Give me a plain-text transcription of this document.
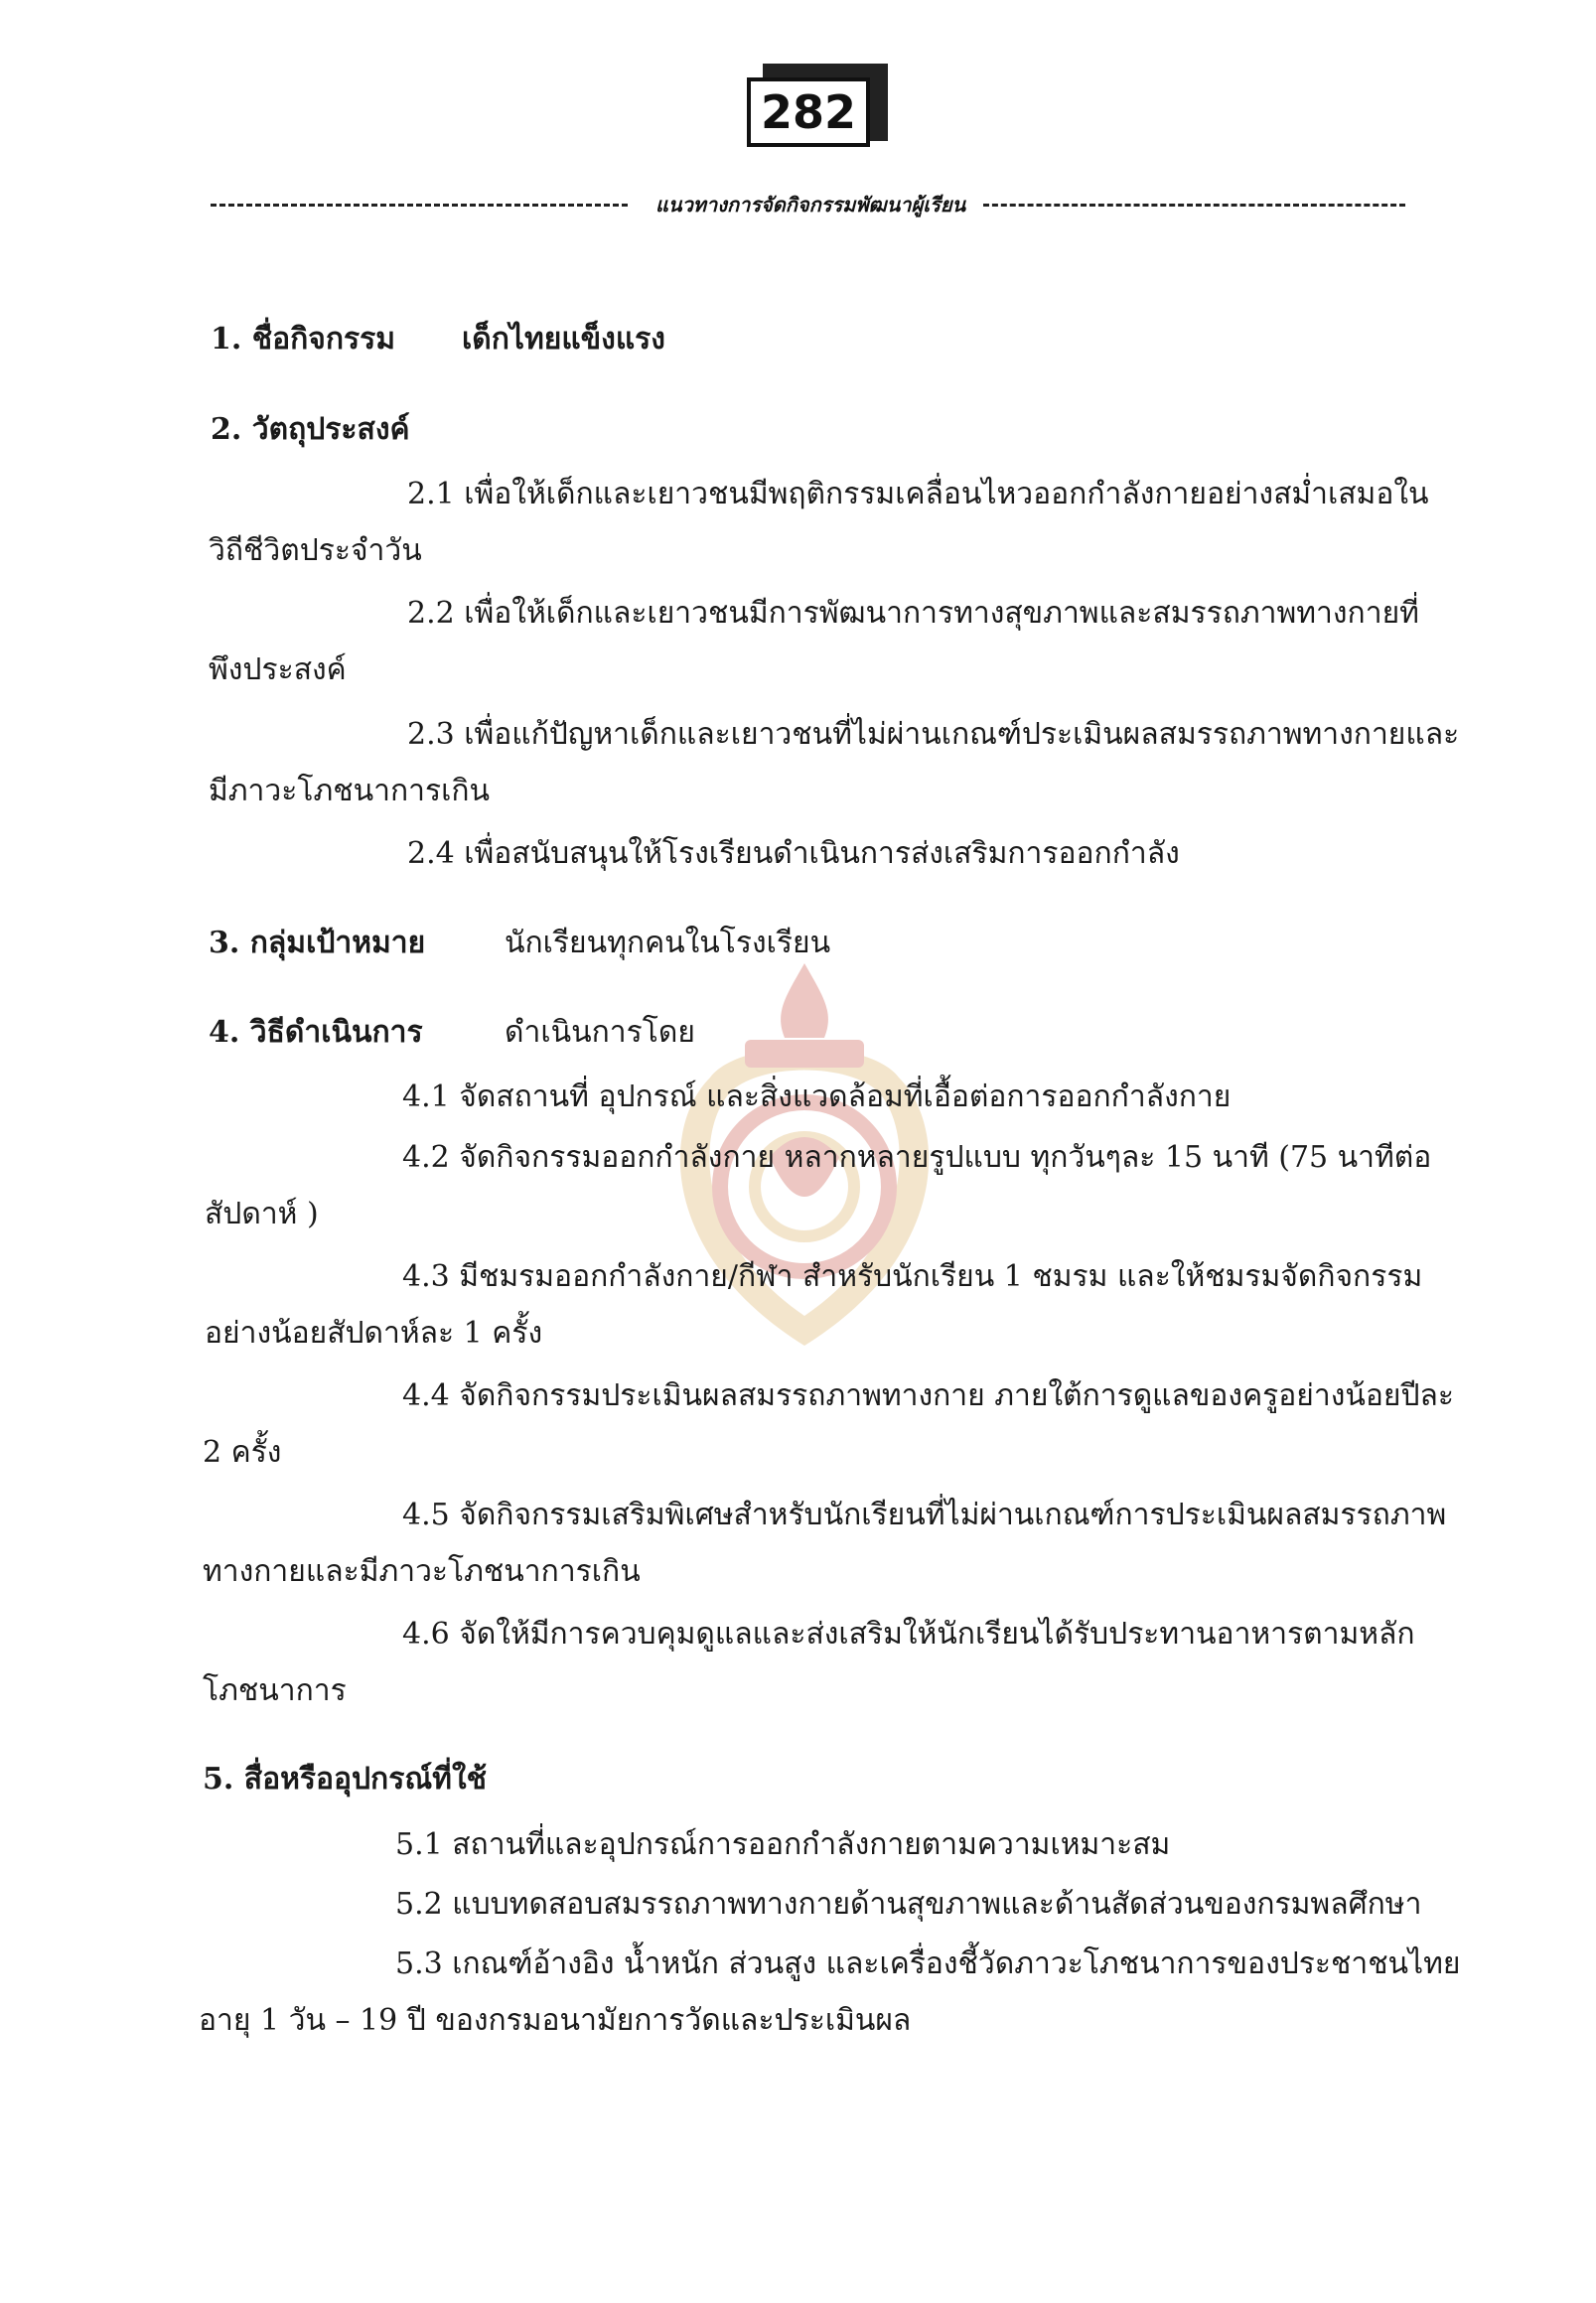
282
แนวทางการจัดกิจกรรมพัฒนาผู้เรียน
1. ชื่อกิจกรรม เด็กไทยแข็งแรง
2. วัตถุประสงค์
2.1 เพื่อให้เด็กและเยาวชนมีพฤติกรรมเคลื่อนไหวออกกำลังกายอย่างสม่ำเสมอใน
วิถีชีวิตประจำวัน
2.2 เพื่อให้เด็กและเยาวชนมีการพัฒนาการทางสุขภาพและสมรรถภาพทางกายที่
พึงประสงค์
2.3 เพื่อแก้ปัญหาเด็กและเยาวชนที่ไม่ผ่านเกณฑ์ประเมินผลสมรรถภาพทางกายและ
มีภาวะโภชนาการเกิน
2.4 เพื่อสนับสนุนให้โรงเรียนดำเนินการส่งเสริมการออกกำลัง
3. กลุ่มเป้าหมาย	นักเรียนทุกคนในโรงเรียน
4. วิธีดำเนินการ	ดำเนินการโดย
4.1 จัดสถานที่ อุปกรณ์ และสิ่งแวดล้อมที่เอื้อต่อการออกกำลังกาย
4.2 จัดกิจกรรมออกกำลังกาย หลากหลายรูปแบบ ทุกวันๆละ 15 นาที (75 นาทีต่อ
สัปดาห์ )
4.3 มีชมรมออกกำลังกาย/กีฬา สำหรับนักเรียน 1 ชมรม และให้ชมรมจัดกิจกรรม
อย่างน้อยสัปดาห์ละ 1 ครั้ง
4.4 จัดกิจกรรมประเมินผลสมรรถภาพทางกาย ภายใต้การดูแลของครูอย่างน้อยปีละ
2 ครั้ง
4.5 จัดกิจกรรมเสริมพิเศษสำหรับนักเรียนที่ไม่ผ่านเกณฑ์การประเมินผลสมรรถภาพ
ทางกายและมีภาวะโภชนาการเกิน
4.6 จัดให้มีการควบคุมดูแลและส่งเสริมให้นักเรียนได้รับประทานอาหารตามหลัก
โภชนาการ
5. สื่อหรืออุปกรณ์ที่ใช้
5.1 สถานที่และอุปกรณ์การออกกำลังกายตามความเหมาะสม
5.2 แบบทดสอบสมรรถภาพทางกายด้านสุขภาพและด้านสัดส่วนของกรมพลศึกษา
5.3 เกณฑ์อ้างอิง น้ำหนัก ส่วนสูง และเครื่องชี้วัดภาวะโภชนาการของประชาชนไทย
อายุ 1 วัน – 19 ปี ของกรมอนามัยการวัดและประเมินผล
